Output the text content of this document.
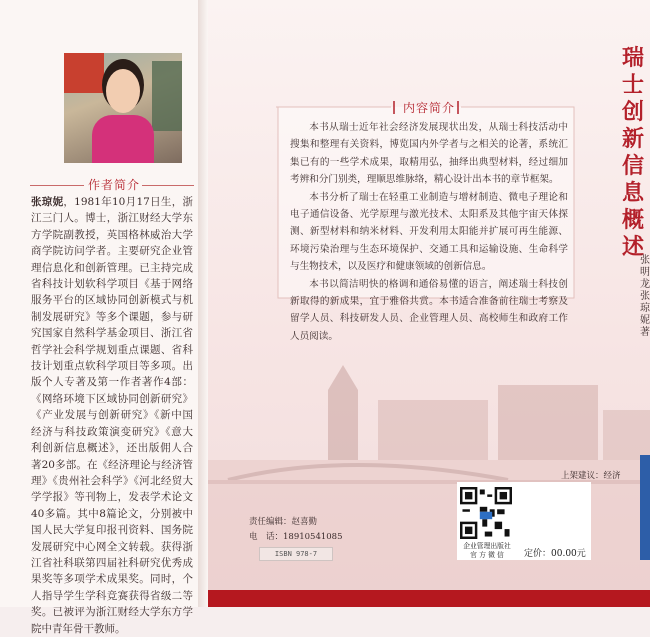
作者简介
张琼妮，1981年10月17日生，浙江三门人。博士，浙江财经大学东方学院副教授，英国格林威治大学商学院访问学者。主要研究企业管理信息化和创新管理。已主持完成省科技计划软科学项目《基于网络服务平台的区域协同创新模式与机制发展研究》等多个课题，参与研究国家自然科学基金项目、浙江省哲学社会科学规划重点课题、省科技计划重点软科学项目等多项。出版个人专著及第一作者著作4部：《网络环境下区域协同创新研究》《产业发展与创新研究》《新中国经济与科技政策演变研究》《意大利创新信息概述》，还出版佣人合著20多部。在《经济理论与经济管理》《贵州社会科学》《河北经贸大学学报》等刊物上，发表学术论文40多篇。其中8篇论文，分别被中国人民大学复印报刊资料、国务院发展研究中心网全文转载。获得浙江省社科联第四届社科研究优秀成果奖等多项学术成果奖。同时，个人指导学生学科竞赛获得省级二等奖。已被评为浙江财经大学东方学院中青年骨干教师。
内容简介

本书从瑞士近年社会经济发展现状出发，从瑞士科技活动中搜集和整理有关资料，博览国内外学者与之相关的论著，系统汇集已有的一些学术成果，取精用弘，抽绎出典型材料，经过细加考辨和分门别类，理顺思维脉络，精心设计出本书的章节框架。

本书分析了瑞士在轻重工业制造与增材制造、微电子理论和电子通信设备、光学原理与激光技术、太阳系及其他宇宙天体探测、新型材料和纳米材料、开发利用太阳能并扩展可再生能源、环境污染治理与生态环境保护、交通工具和运输设施、生命科学与生物技术，以及医疗和健康领域的创新信息。

本书以简洁明快的格调和通俗易懂的语言，阐述瑞士科技创新取得的新成果，宜于雅俗共赏。本书适合准备前往瑞士考察及留学人员、科技研发人员、企业管理人员、高校师生和政府工作人员阅读。

瑞士创新信息概述
张明龙 张琼妮 著
责任编辑：赵喜勤
电　话：18910541085
ISBN 978-7
上架建议：经济
企业管理出版社
官 方 微 信	定价：00.00元
